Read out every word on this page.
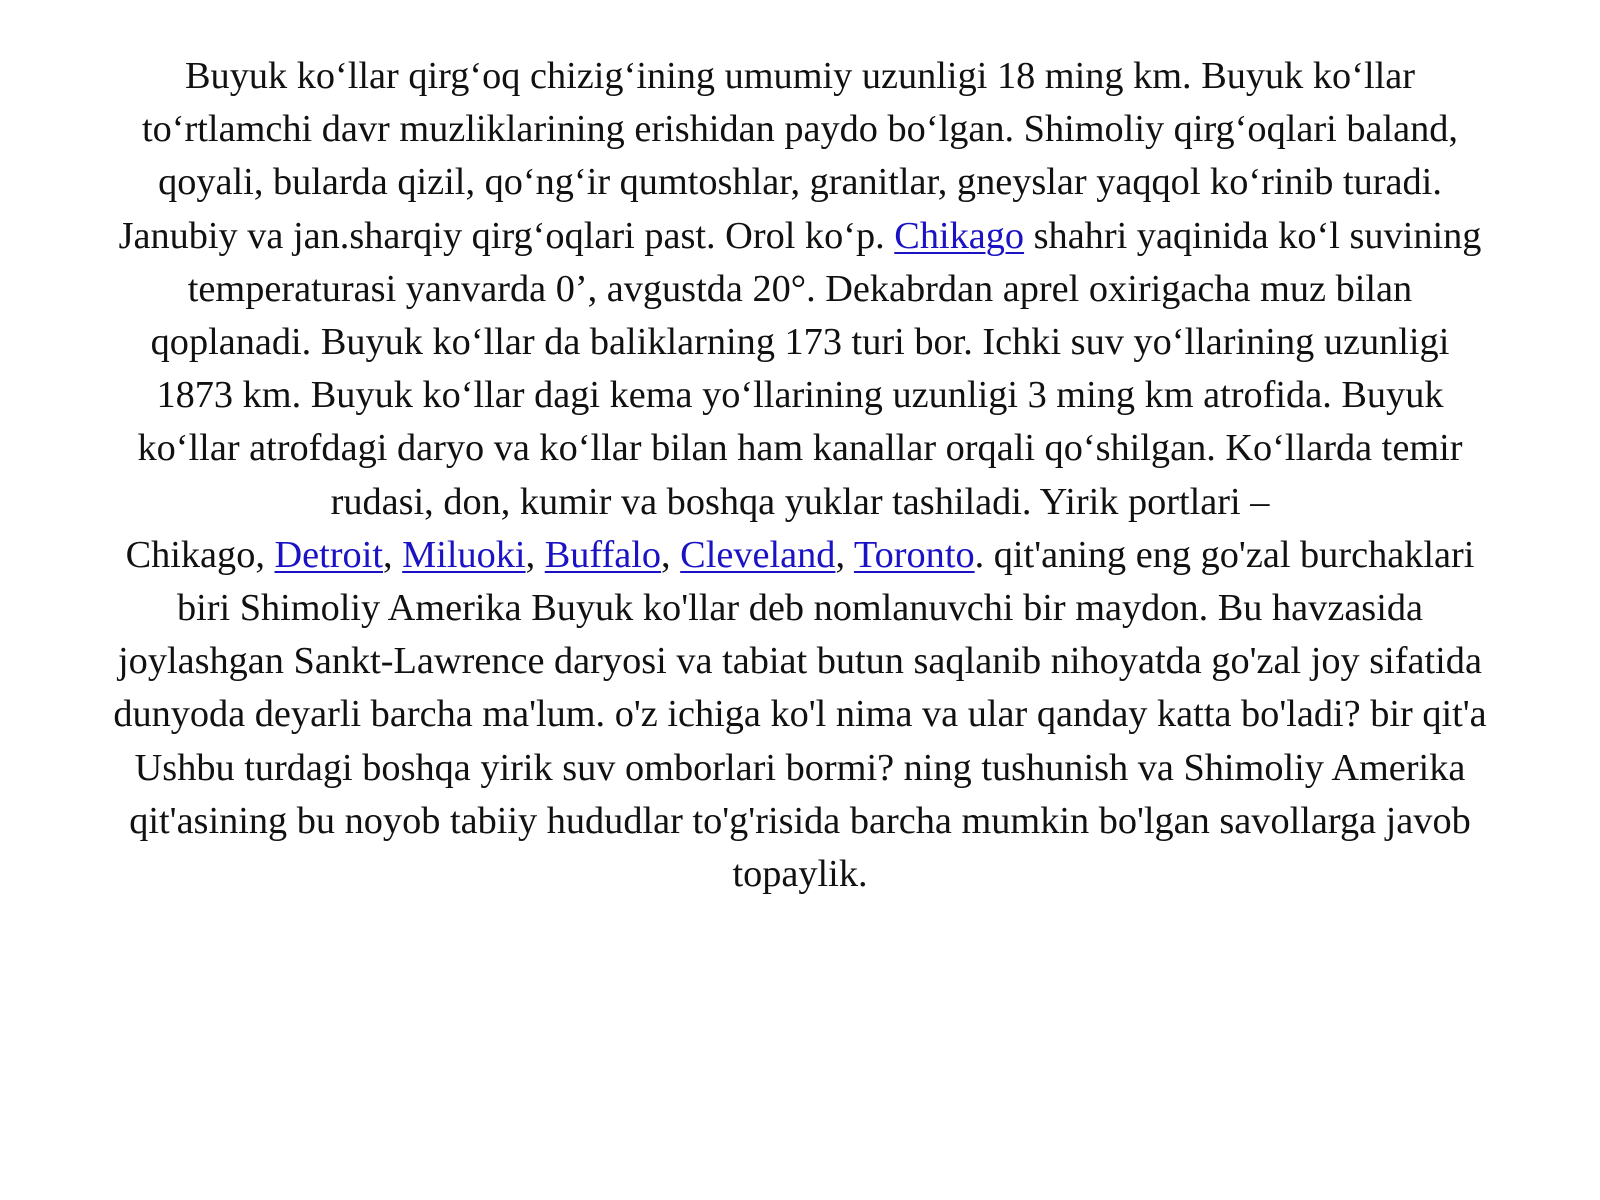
Buyuk ko‘llar qirg‘oq chizig‘ining umumiy uzunligi 18 ming km. Buyuk ko‘llar
to‘rtlamchi davr muzliklarining erishidan paydo bo‘lgan. Shimoliy qirg‘oqlari baland,
qoyali, bularda qizil, qo‘ng‘ir qumtoshlar, granitlar, gneyslar yaqqol ko‘rinib turadi.
Janubiy va jan.sharqiy qirg‘oqlari past. Orol ko‘p. Chikago shahri yaqinida ko‘l suvining
temperaturasi yanvarda 0’, avgustda 20°. Dekabrdan aprel oxirigacha muz bilan
qoplanadi. Buyuk ko‘llar da baliklarning 173 turi bor. Ichki suv yo‘llarining uzunligi
1873 km. Buyuk ko‘llar dagi kema yo‘llarining uzunligi 3 ming km atrofida. Buyuk
ko‘llar atrofdagi daryo va ko‘llar bilan ham kanallar orqali qo‘shilgan. Ko‘llarda temir
rudasi, don, kumir va boshqa yuklar tashiladi. Yirik portlari –
Chikago, Detroit, Miluoki, Buffalo, Cleveland, Toronto. qit'aning eng go'zal burchaklari
biri Shimoliy Amerika Buyuk ko'llar deb nomlanuvchi bir maydon. Bu havzasida
joylashgan Sankt-Lawrence daryosi va tabiat butun saqlanib nihoyatda go'zal joy sifatida
dunyoda deyarli barcha ma'lum. o'z ichiga ko'l nima va ular qanday katta bo'ladi? bir qit'a
Ushbu turdagi boshqa yirik suv omborlari bormi? ning tushunish va Shimoliy Amerika
qit'asining bu noyob tabiiy hududlar to'g'risida barcha mumkin bo'lgan savollarga javob
topaylik.
